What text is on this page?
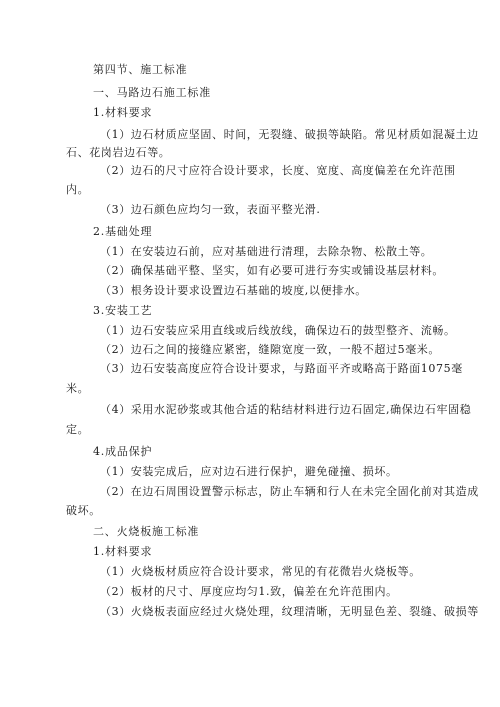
第四节、施工标准
一、马路边石施工标准
1.材料要求
（1）边石材质应坚固、时间，无裂缝、破损等缺陷。常见材质如混凝土边
石、花岗岩边石等。
（2）边石的尺寸应符合设计要求，长度、宽度、高度偏差在允许范围
内。
（3）边石颜色应均匀一致，表面平整光滑.
2.基础处理
（1）在安装边石前，应对基础进行清理，去除杂物、松散土等。
（2）确保基础平整、坚实，如有必要可进行夯实或铺设基层材料。
（3）根务设计要求设置边石基础的坡度,以便排水。
3.安装工艺
（1）边石安装应采用直线或后线放线，确保边石的鼓型整齐、流畅。
（2）边石之间的接缝应紧密，缝隙宽度一致，一般不超过5毫米。
（3）边石安装高度应符合设计要求，与路面平齐或略高于路面1075毫
米。
（4）采用水泥砂浆或其他合适的粘结材料进行边石固定,确保边石牢固稳
定。
4.成品保护
（1）安装完成后，应对边石进行保护，避免碰撞、损坏。
（2）在边石周围设置警示标志，防止车辆和行人在未完全固化前对其造成
破坏。
二、火烧板施工标准
1.材料要求
（1）火烧板材质应符合设计要求，常见的有花微岩火烧板等。
（2）板材的尺寸、厚度应均匀1.致，偏差在允许范围内。
（3）火烧板表面应经过火烧处理，纹理清晰，无明显色差、裂缝、破损等
